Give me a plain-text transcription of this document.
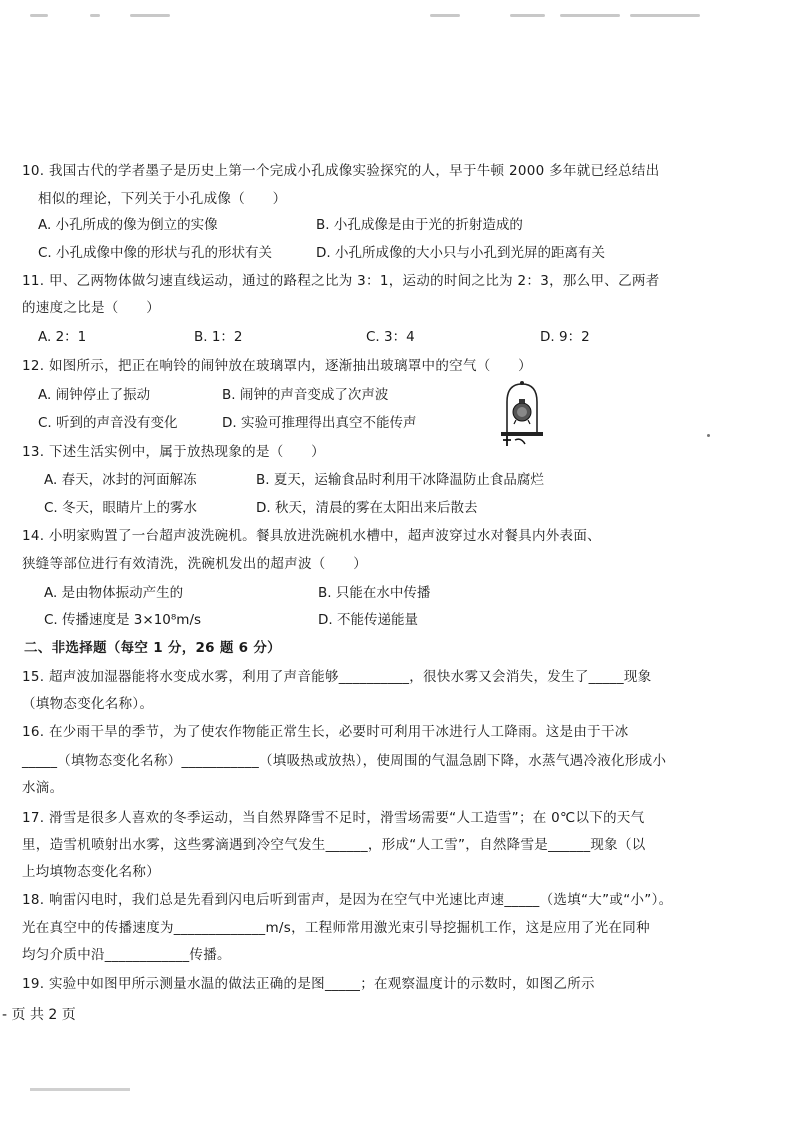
10. 我国古代的学者墨子是历史上第一个完成小孔成像实验探究的人，早于牛顿 2000 多年就已经总结出
相似的理论，下列关于小孔成像（　　）
A. 小孔所成的像为倒立的实像	B. 小孔成像是由于光的折射造成的
C. 小孔成像中像的形状与孔的形状有关	D. 小孔所成像的大小只与小孔到光屏的距离有关
11. 甲、乙两物体做匀速直线运动，通过的路程之比为 3：1，运动的时间之比为 2：3，那么甲、乙两者
的速度之比是（　　）
A. 2：1	B. 1：2	C. 3：4	D. 9：2
12. 如图所示，把正在响铃的闹钟放在玻璃罩内，逐渐抽出玻璃罩中的空气（　　）
A. 闹钟停止了振动	B. 闹钟的声音变成了次声波
C. 听到的声音没有变化	D. 实验可推理得出真空不能传声
13. 下述生活实例中，属于放热现象的是（　　）
A. 春天，冰封的河面解冻	B. 夏天，运输食品时利用干冰降温防止食品腐烂
C. 冬天，眼睛片上的雾水	D. 秋天，清晨的雾在太阳出来后散去
14. 小明家购置了一台超声波洗碗机。餐具放进洗碗机水槽中，超声波穿过水对餐具内外表面、
狭缝等部位进行有效清洗，洗碗机发出的超声波（　　）
A. 是由物体振动产生的	B. 只能在水中传播
C. 传播速度是 3×10⁸m/s	D. 不能传递能量
二、非选择题（每空 1 分，26 题 6 分）
15. 超声波加湿器能将水变成水雾，利用了声音能够__________，很快水雾又会消失，发生了_____现象
（填物态变化名称）。
16. 在少雨干旱的季节，为了使农作物能正常生长，必要时可利用干冰进行人工降雨。这是由于干冰
_____（填物态变化名称）___________（填吸热或放热），使周围的气温急剧下降，水蒸气遇冷液化形成小
水滴。
17. 滑雪是很多人喜欢的冬季运动，当自然界降雪不足时，滑雪场需要“人工造雪”；在 0℃以下的天气
里，造雪机喷射出水雾，这些雾滴遇到冷空气发生______，形成“人工雪”，自然降雪是______现象（以
上均填物态变化名称）
18. 响雷闪电时，我们总是先看到闪电后听到雷声，是因为在空气中光速比声速_____（选填“大”或“小”）。
光在真空中的传播速度为_____________m/s，工程师常用激光束引导挖掘机工作，这是应用了光在同种
均匀介质中沿____________传播。
19. 实验中如图甲所示测量水温的做法正确的是图_____；在观察温度计的示数时，如图乙所示
- 页 共 2 页
